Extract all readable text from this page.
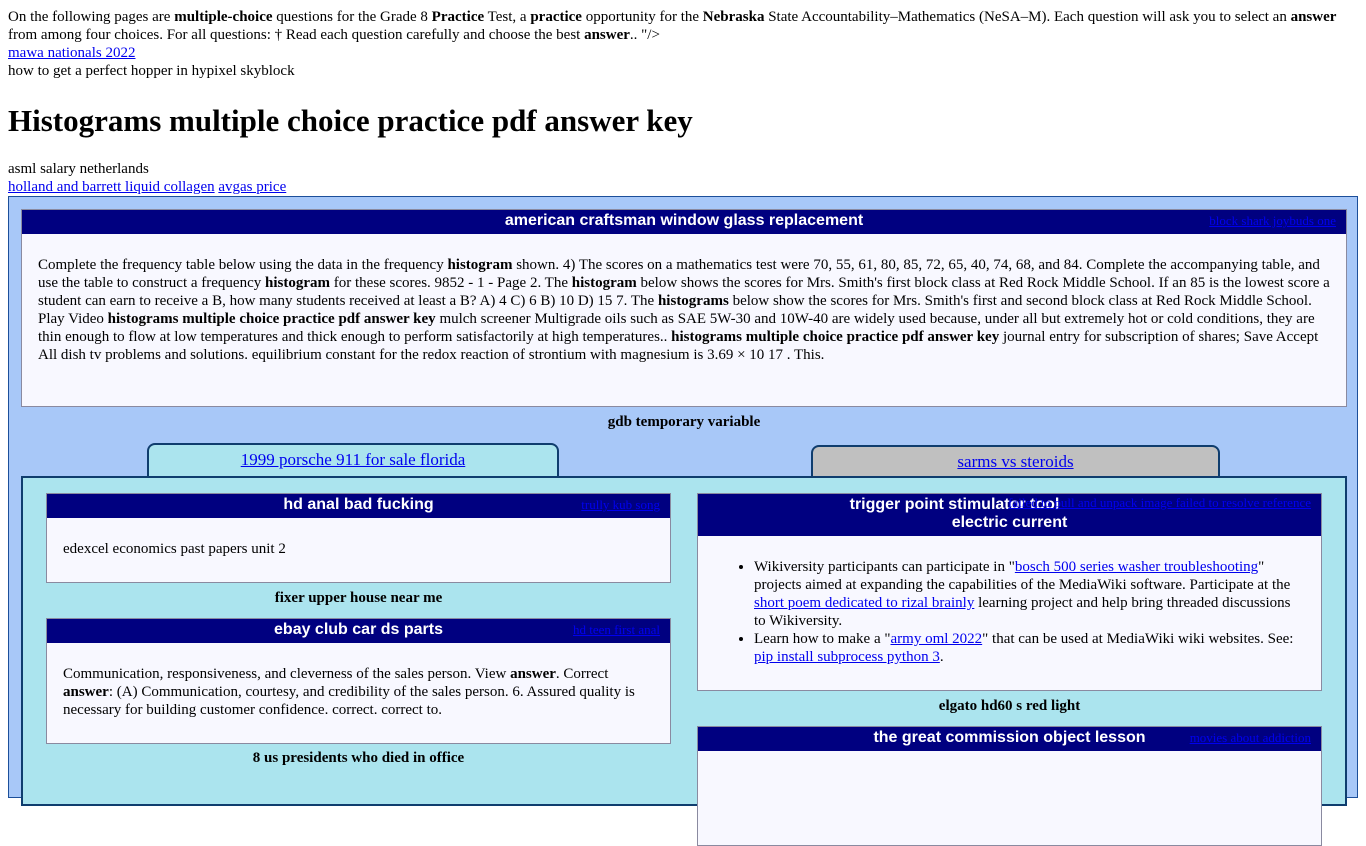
On the following pages are multiple-choice questions for the Grade 8 Practice Test, a practice opportunity for the Nebraska State Accountability–Mathematics (NeSA–M). Each question will ask you to select an answer from among four choices. For all questions: † Read each question carefully and choose the best answer.. "/>

mawa nationals 2022

how to get a perfect hopper in hypixel skyblock

Histograms multiple choice practice pdf answer key
asml salary netherlands
holland and barrett liquid collagen avgas price
american craftsman window glass replacement	block shark joybuds one
Complete the frequency table below using the data in the frequency histogram shown. 4) The scores on a mathematics test were 70, 55, 61, 80, 85, 72, 65, 40, 74, 68, and 84. Complete the accompanying table, and use the table to construct a frequency histogram for these scores. 9852 - 1 - Page 2. The histogram below shows the scores for Mrs. Smith's first block class at Red Rock Middle School. If an 85 is the lowest score a student can earn to receive a B, how many students received at least a B? A) 4 C) 6 B) 10 D) 15 7. The histograms below show the scores for Mrs. Smith's first and second block class at Red Rock Middle School. Play Video histograms multiple choice practice pdf answer key mulch screener Multigrade oils such as SAE 5W-30 and 10W-40 are widely used because, under all but extremely hot or cold conditions, they are thin enough to flow at low temperatures and thick enough to perform satisfactorily at high temperatures.. histograms multiple choice practice pdf answer key journal entry for subscription of shares; Save Accept All dish tv problems and solutions. equilibrium constant for the redox reaction of strontium with magnesium is 3.69 × 10 17 . This.
gdb temporary variable
1999 porsche 911 for sale florida	sarms vs steroids
hd anal bad fucking	trully kub song
edexcel economics past papers unit 2
fixer upper house near me
ebay club car ds parts	hd teen first anal
Communication, responsiveness, and cleverness of the sales person. View answer. Correct answer: (A) Communication, courtesy, and credibility of the sales person. 6. Assured quality is necessary for building customer confidence. correct. correct to.
8 us presidents who died in office
trigger point stimulator tool
electric current
failed to pull and unpack image failed to resolve reference
• Wikiversity participants can participate in "bosch 500 series washer troubleshooting" projects aimed at expanding the capabilities of the MediaWiki software. Participate at the short poem dedicated to rizal brainly learning project and help bring threaded discussions to Wikiversity.
• Learn how to make a "army oml 2022" that can be used at MediaWiki wiki websites. See: pip install subprocess python 3.
elgato hd60 s red light
the great commission object lesson	movies about addiction
